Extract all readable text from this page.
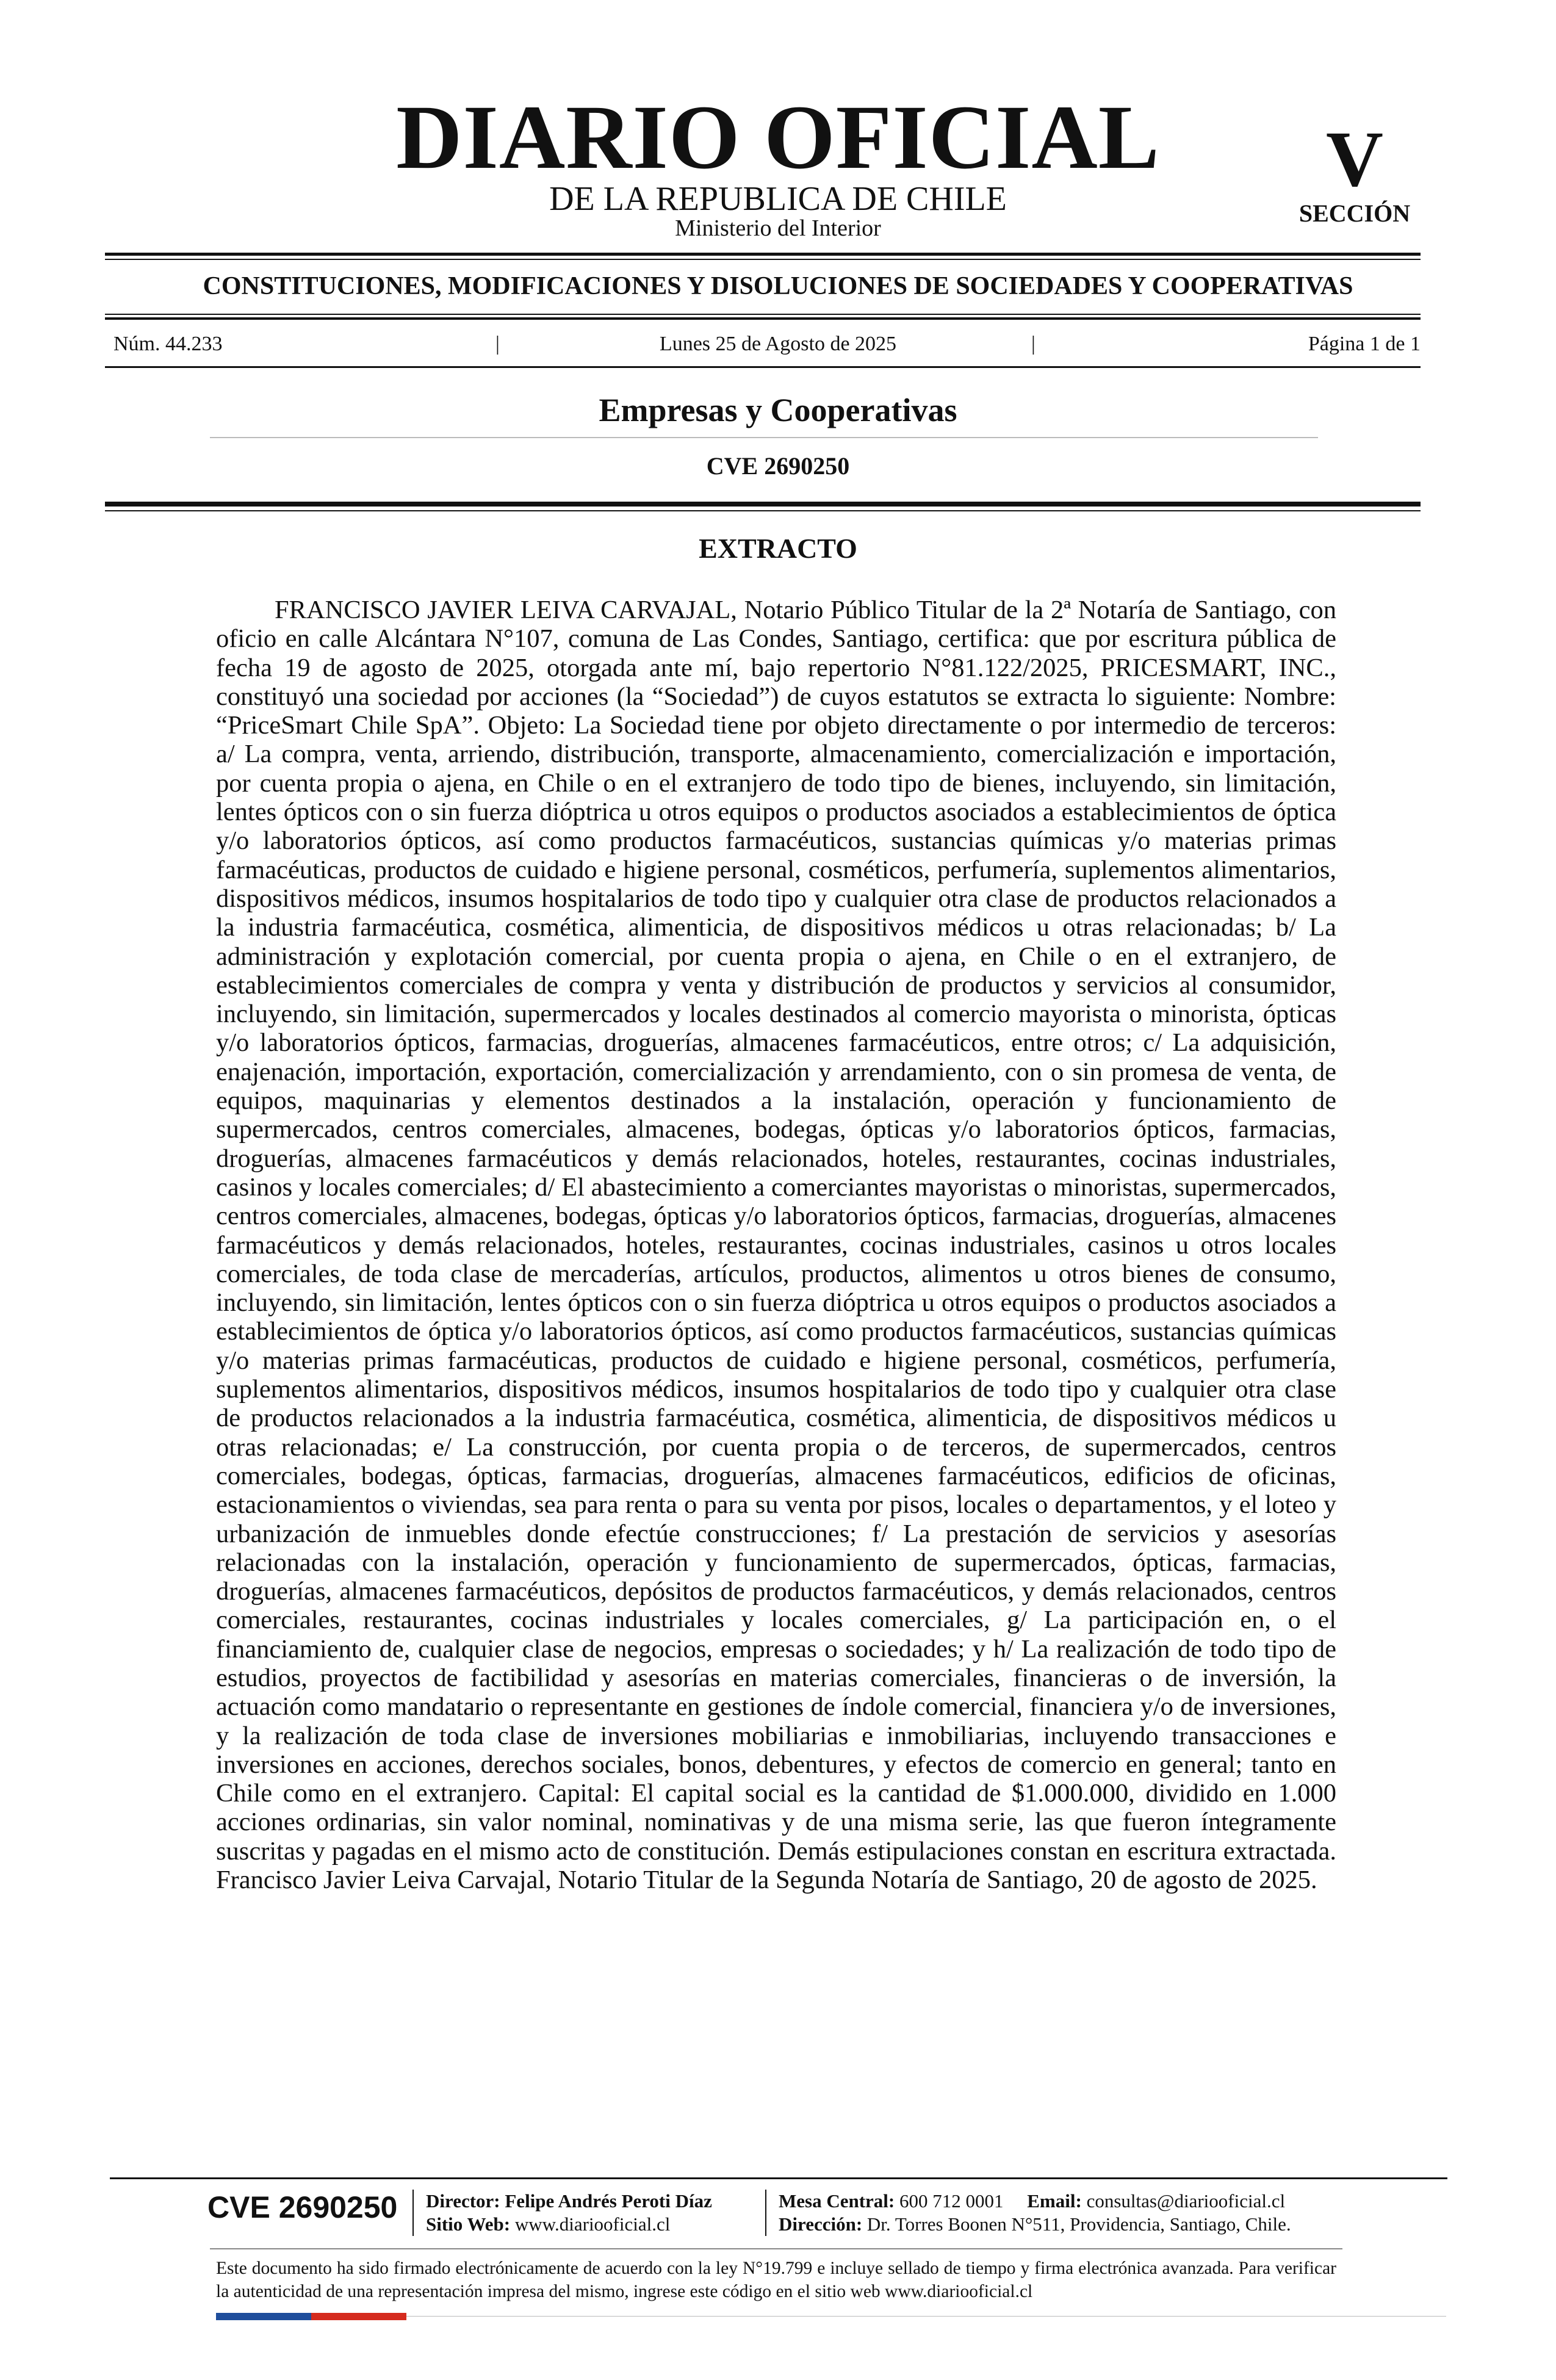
DIARIO OFICIAL
DE LA REPUBLICA DE CHILE
Ministerio del Interior
V
SECCIÓN
CONSTITUCIONES, MODIFICACIONES Y DISOLUCIONES DE SOCIEDADES Y COOPERATIVAS
Núm. 44.233	|	Lunes 25 de Agosto de 2025	|	Página 1 de 1
Empresas y Cooperativas
CVE 2690250
EXTRACTO

FRANCISCO JAVIER LEIVA CARVAJAL, Notario Público Titular de la 2ª Notaría de Santiago, con oficio en calle Alcántara N°107, comuna de Las Condes, Santiago, certifica: que por escritura pública de fecha 19 de agosto de 2025, otorgada ante mí, bajo repertorio N°81.122/2025, PRICESMART, INC., constituyó una sociedad por acciones (la “Sociedad”) de cuyos estatutos se extracta lo siguiente: Nombre: “PriceSmart Chile SpA”. Objeto: La Sociedad tiene por objeto directamente o por intermedio de terceros: a/ La compra, venta, arriendo, distribución, transporte, almacenamiento, comercialización e importación, por cuenta propia o ajena, en Chile o en el extranjero de todo tipo de bienes, incluyendo, sin limitación, lentes ópticos con o sin fuerza dióptrica u otros equipos o productos asociados a establecimientos de óptica y/o laboratorios ópticos, así como productos farmacéuticos, sustancias químicas y/o materias primas farmacéuticas, productos de cuidado e higiene personal, cosméticos, perfumería, suplementos alimentarios, dispositivos médicos, insumos hospitalarios de todo tipo y cualquier otra clase de productos relacionados a la industria farmacéutica, cosmética, alimenticia, de dispositivos médicos u otras relacionadas; b/ La administración y explotación comercial, por cuenta propia o ajena, en Chile o en el extranjero, de establecimientos comerciales de compra y venta y distribución de productos y servicios al consumidor, incluyendo, sin limitación, supermercados y locales destinados al comercio mayorista o minorista, ópticas y/o laboratorios ópticos, farmacias, droguerías, almacenes farmacéuticos, entre otros; c/ La adquisición, enajenación, importación, exportación, comercialización y arrendamiento, con o sin promesa de venta, de equipos, maquinarias y elementos destinados a la instalación, operación y funcionamiento de supermercados, centros comerciales, almacenes, bodegas, ópticas y/o laboratorios ópticos, farmacias, droguerías, almacenes farmacéuticos y demás relacionados, hoteles, restaurantes, cocinas industriales, casinos y locales comerciales; d/ El abastecimiento a comerciantes mayoristas o minoristas, supermercados, centros comerciales, almacenes, bodegas, ópticas y/o laboratorios ópticos, farmacias, droguerías, almacenes farmacéuticos y demás relacionados, hoteles, restaurantes, cocinas industriales, casinos u otros locales comerciales, de toda clase de mercaderías, artículos, productos, alimentos u otros bienes de consumo, incluyendo, sin limitación, lentes ópticos con o sin fuerza dióptrica u otros equipos o productos asociados a establecimientos de óptica y/o laboratorios ópticos, así como productos farmacéuticos, sustancias químicas y/o materias primas farmacéuticas, productos de cuidado e higiene personal, cosméticos, perfumería, suplementos alimentarios, dispositivos médicos, insumos hospitalarios de todo tipo y cualquier otra clase de productos relacionados a la industria farmacéutica, cosmética, alimenticia, de dispositivos médicos u otras relacionadas; e/ La construcción, por cuenta propia o de terceros, de supermercados, centros comerciales, bodegas, ópticas, farmacias, droguerías, almacenes farmacéuticos, edificios de oficinas, estacionamientos o viviendas, sea para renta o para su venta por pisos, locales o departamentos, y el loteo y urbanización de inmuebles donde efectúe construcciones; f/ La prestación de servicios y asesorías relacionadas con la instalación, operación y funcionamiento de supermercados, ópticas, farmacias, droguerías, almacenes farmacéuticos, depósitos de productos farmacéuticos, y demás relacionados, centros comerciales, restaurantes, cocinas industriales y locales comerciales, g/ La participación en, o el financiamiento de, cualquier clase de negocios, empresas o sociedades; y h/ La realización de todo tipo de estudios, proyectos de factibilidad y asesorías en materias comerciales, financieras o de inversión, la actuación como mandatario o representante en gestiones de índole comercial, financiera y/o de inversiones, y la realización de toda clase de inversiones mobiliarias e inmobiliarias, incluyendo transacciones e inversiones en acciones, derechos sociales, bonos, debentures, y efectos de comercio en general; tanto en Chile como en el extranjero. Capital: El capital social es la cantidad de $1.000.000, dividido en 1.000 acciones ordinarias, sin valor nominal, nominativas y de una misma serie, las que fueron íntegramente suscritas y pagadas en el mismo acto de constitución. Demás estipulaciones constan en escritura extractada. Francisco Javier Leiva Carvajal, Notario Titular de la Segunda Notaría de Santiago, 20 de agosto de 2025.

CVE 2690250 Director: Felipe Andrés Peroti Díaz
Sitio Web: www.diariooficial.cl
Mesa Central: 600 712 0001 Email: consultas@diariooficial.cl
Dirección: Dr. Torres Boonen N°511, Providencia, Santiago, Chile.

Este documento ha sido firmado electrónicamente de acuerdo con la ley N°19.799 e incluye sellado de tiempo y firma electrónica avanzada. Para verificar la autenticidad de una representación impresa del mismo, ingrese este código en el sitio web www.diariooficial.cl
